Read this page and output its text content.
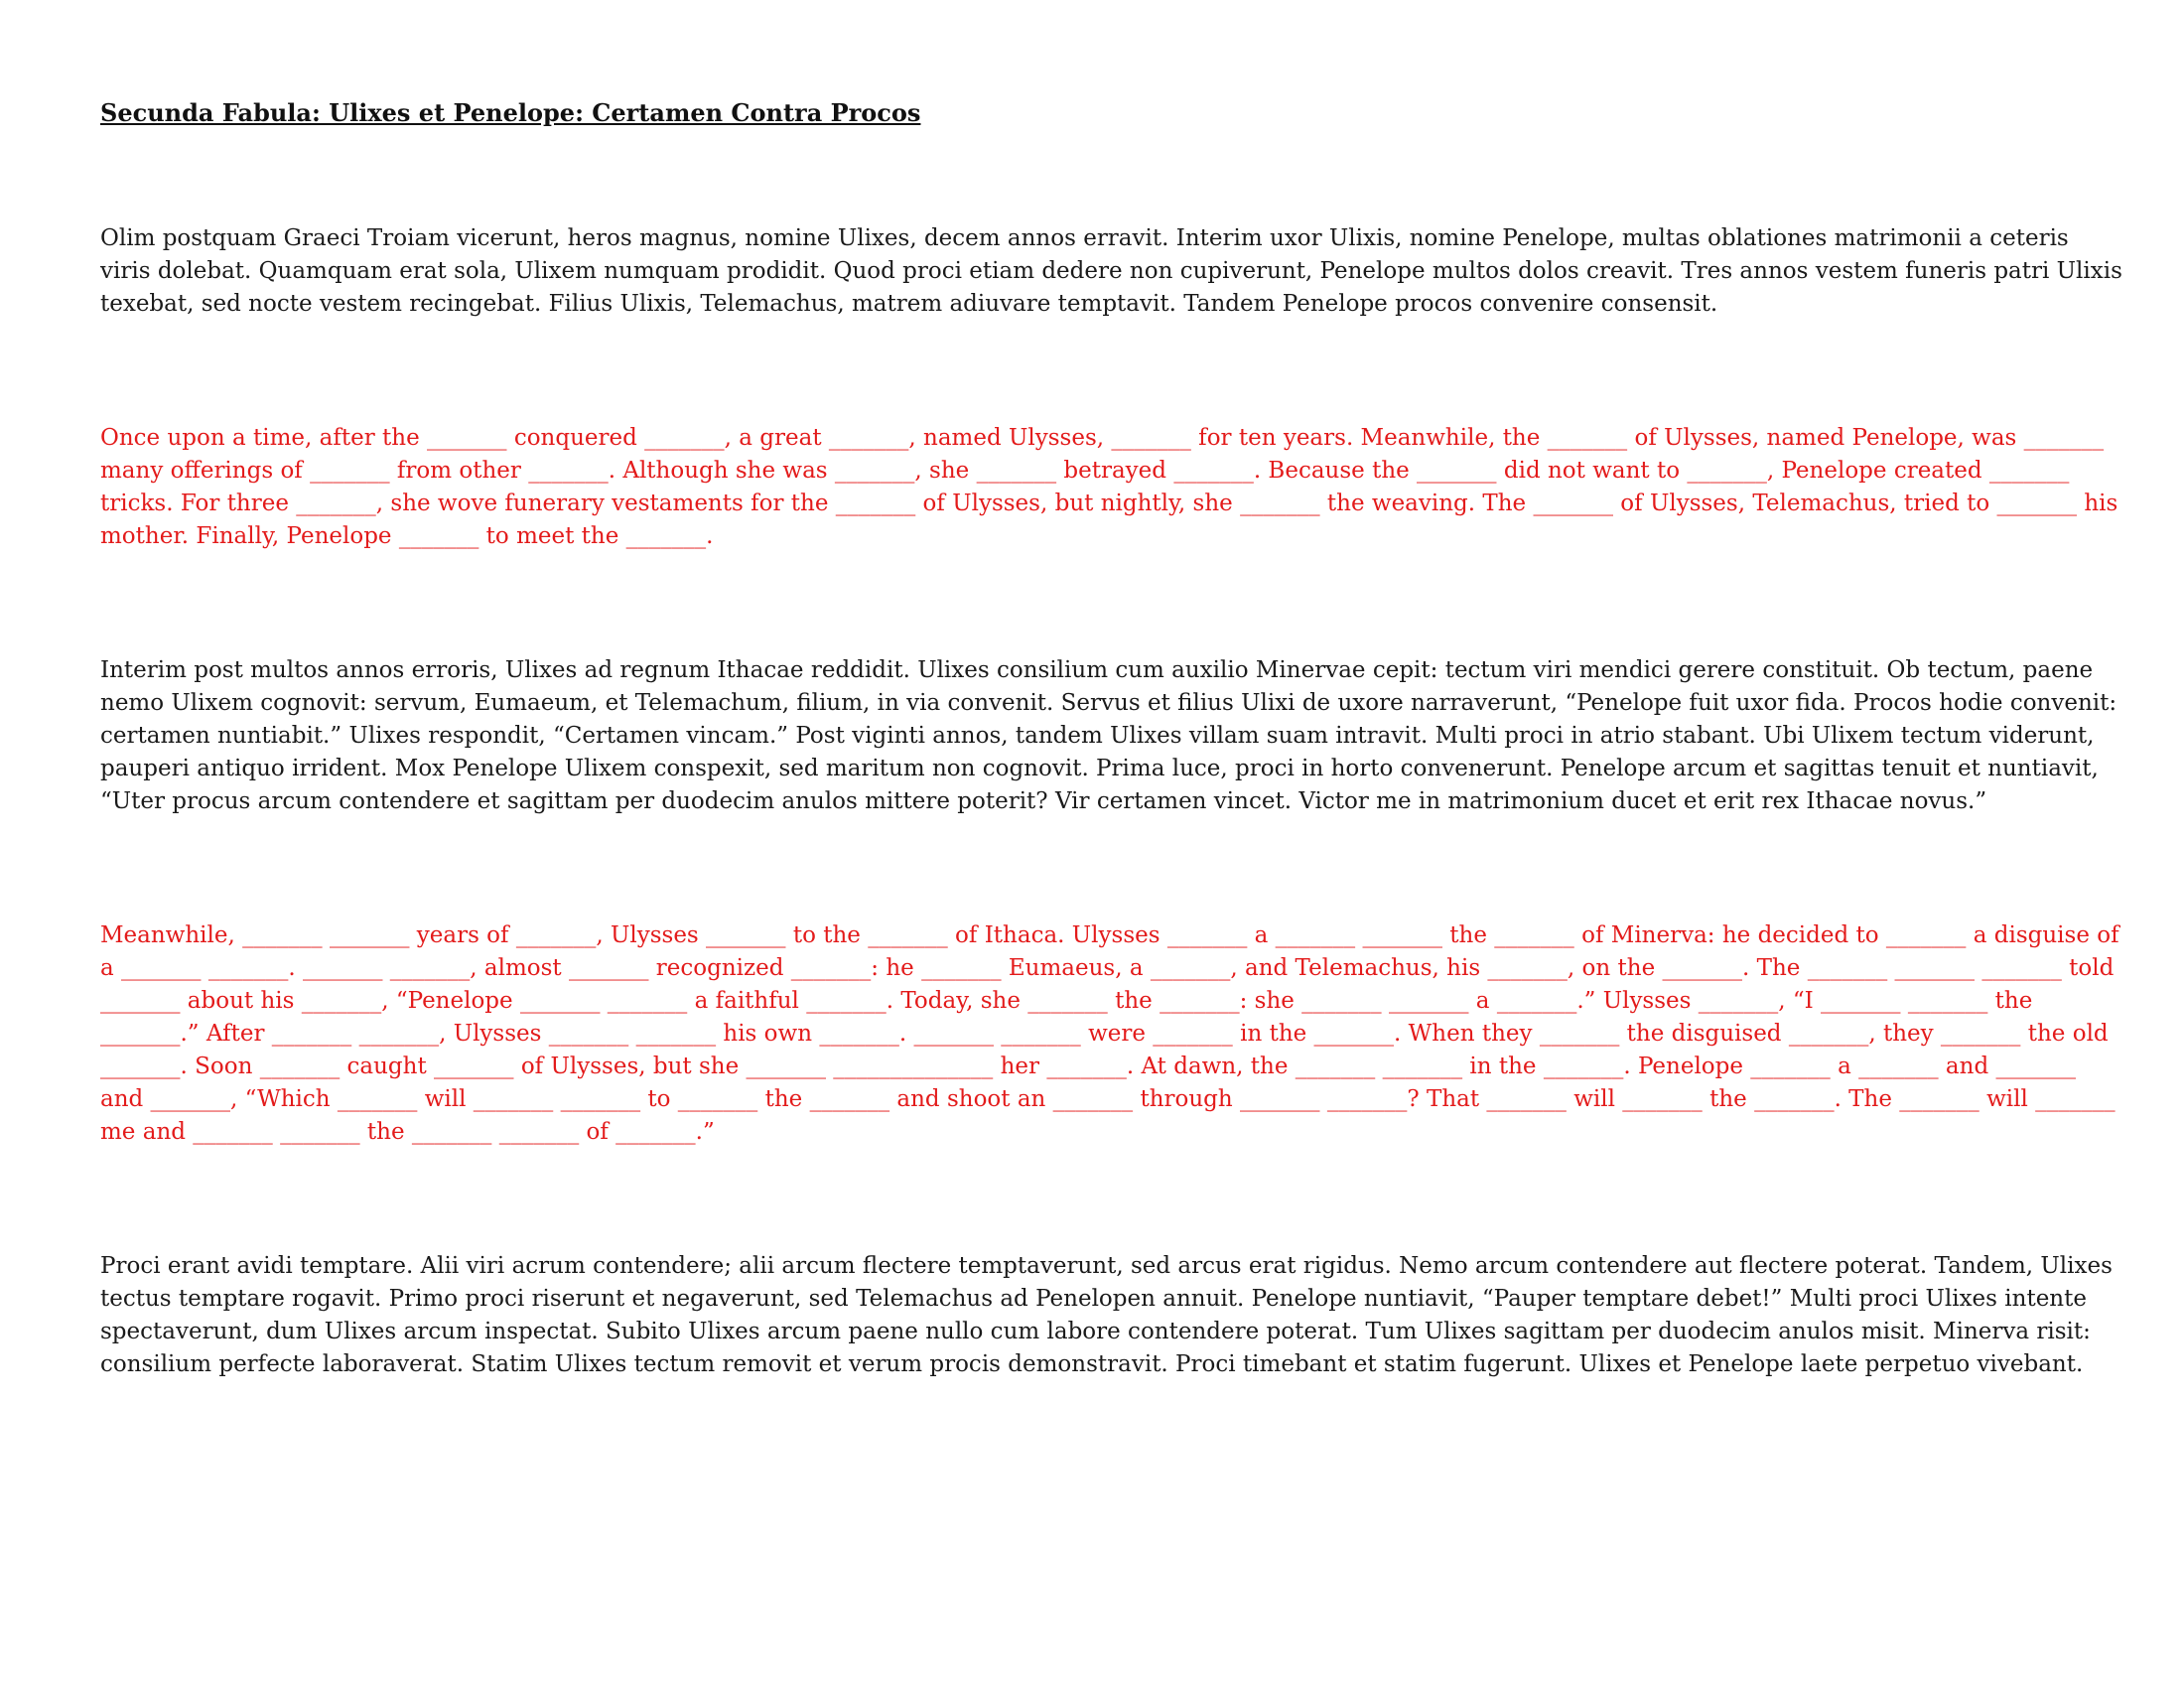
Secunda Fabula: Ulixes et Penelope: Certamen Contra Procos

Olim postquam Graeci Troiam vicerunt, heros magnus, nomine Ulixes, decem annos erravit. Interim uxor Ulixis, nomine Penelope, multas oblationes matrimonii a ceteris viris dolebat. Quamquam erat sola, Ulixem numquam prodidit. Quod proci etiam dedere non cupiverunt, Penelope multos dolos creavit. Tres annos vestem funeris patri Ulixis texebat, sed nocte vestem recingebat. Filius Ulixis, Telemachus, matrem adiuvare temptavit. Tandem Penelope procos convenire consensit.

Once upon a time, after the _______ conquered _______, a great _______, named Ulysses, _______ for ten years. Meanwhile, the _______ of Ulysses, named Penelope, was _______ many offerings of _______ from other _______. Although she was _______, she _______ betrayed _______. Because the _______ did not want to _______, Penelope created _______ tricks. For three _______, she wove funerary vestaments for the _______ of Ulysses, but nightly, she _______ the weaving. The _______ of Ulysses, Telemachus, tried to _______ his mother. Finally, Penelope _______ to meet the _______.

Interim post multos annos erroris, Ulixes ad regnum Ithacae reddidit. Ulixes consilium cum auxilio Minervae cepit: tectum viri mendici gerere constituit. Ob tectum, paene nemo Ulixem cognovit: servum, Eumaeum, et Telemachum, filium, in via convenit. Servus et filius Ulixi de uxore narraverunt, “Penelope fuit uxor fida. Procos hodie convenit: certamen nuntiabit.” Ulixes respondit, “Certamen vincam.” Post viginti annos, tandem Ulixes villam suam intravit. Multi proci in atrio stabant. Ubi Ulixem tectum viderunt, pauperi antiquo irrident. Mox Penelope Ulixem conspexit, sed maritum non cognovit. Prima luce, proci in horto convenerunt. Penelope arcum et sagittas tenuit et nuntiavit, “Uter procus arcum contendere et sagittam per duodecim anulos mittere poterit? Vir certamen vincet. Victor me in matrimonium ducet et erit rex Ithacae novus.”

Meanwhile, _______ _______ years of _______, Ulysses _______ to the _______ of Ithaca. Ulysses _______ a _______ _______ the _______ of Minerva: he decided to _______ a disguise of a _______ _______. _______ _______, almost _______ recognized _______: he _______ Eumaeus, a _______, and Telemachus, his _______, on the _______. The _______ _______ _______ told _______ about his _______, “Penelope _______ _______ a faithful _______. Today, she _______ the _______: she _______ _______ a _______.” Ulysses _______, “I _______ _______ the _______.” After _______ _______, Ulysses _______ _______ his own _______. _______ _______ were _______ in the _______. When they _______ the disguised _______, they _______ the old _______. Soon _______ caught _______ of Ulysses, but she _______ ______________ her _______. At dawn, the _______ _______ in the _______. Penelope _______ a _______ and _______ and _______, “Which _______ will _______ _______ to _______ the _______ and shoot an _______ through _______ _______? That _______ will _______ the _______. The _______ will _______ me and _______ _______ the _______ _______ of _______.”

Proci erant avidi temptare. Alii viri acrum contendere; alii arcum flectere temptaverunt, sed arcus erat rigidus. Nemo arcum contendere aut flectere poterat. Tandem, Ulixes tectus temptare rogavit. Primo proci riserunt et negaverunt, sed Telemachus ad Penelopen annuit. Penelope nuntiavit, “Pauper temptare debet!” Multi proci Ulixes intente spectaverunt, dum Ulixes arcum inspectat. Subito Ulixes arcum paene nullo cum labore contendere poterat. Tum Ulixes sagittam per duodecim anulos misit. Minerva risit: consilium perfecte laboraverat. Statim Ulixes tectum removit et verum procis demonstravit. Proci timebant et statim fugerunt. Ulixes et Penelope laete perpetuo vivebant.
